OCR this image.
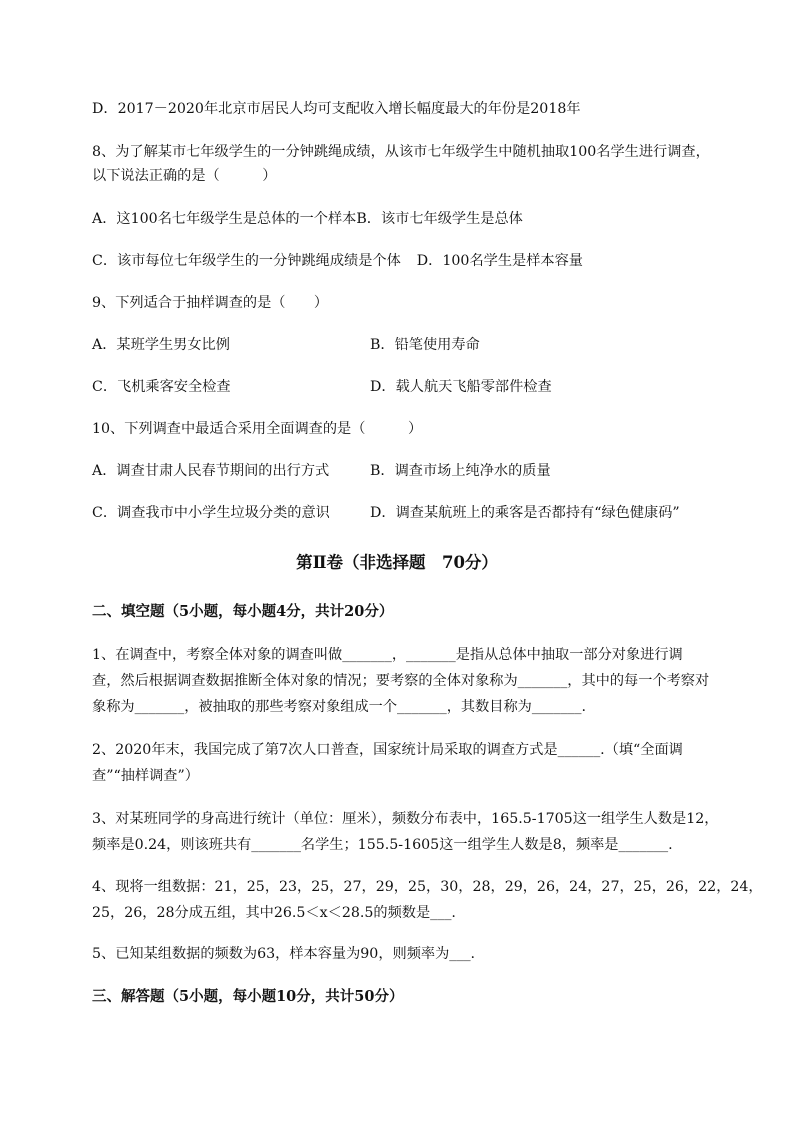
D．2017－2020年北京市居民人均可支配收入增长幅度最大的年份是2018年
8、为了解某市七年级学生的一分钟跳绳成绩，从该市七年级学生中随机抽取100名学生进行调查，
以下说法正确的是（　　　）
A．这100名七年级学生是总体的一个样本B．该市七年级学生是总体
C．该市每位七年级学生的一分钟跳绳成绩是个体 D．100名学生是样本容量
9、下列适合于抽样调查的是（　　）
A．某班学生男女比例	B．铅笔使用寿命
C．飞机乘客安全检查	D．载人航天飞船零部件检查
10、下列调查中最适合采用全面调查的是（　　　）
A．调查甘肃人民春节期间的出行方式	B．调查市场上纯净水的质量
C．调查我市中小学生垃圾分类的意识	D．调查某航班上的乘客是否都持有“绿色健康码”
第Ⅱ卷（非选择题　70分）
二、填空题（5小题，每小题4分，共计20分）
1、在调查中，考察全体对象的调查叫做_______，_______是指从总体中抽取一部分对象进行调
查，然后根据调查数据推断全体对象的情况；要考察的全体对象称为_______，其中的每一个考察对
象称为_______，被抽取的那些考察对象组成一个_______，其数目称为_______.
2、2020年末，我国完成了第7次人口普查，国家统计局采取的调查方式是______.（填“全面调
查”“抽样调查”）
3、对某班同学的身高进行统计（单位：厘米），频数分布表中，165.5-1705这一组学生人数是12，
频率是0.24，则该班共有_______名学生；155.5-1605这一组学生人数是8，频率是_______.
4、现将一组数据：21，25，23，25，27，29，25，30，28，29，26，24，27，25，26，22，24，
25，26，28分成五组，其中26.5＜x＜28.5的频数是___.
5、已知某组数据的频数为63，样本容量为90，则频率为___.
三、解答题（5小题，每小题10分，共计50分）
